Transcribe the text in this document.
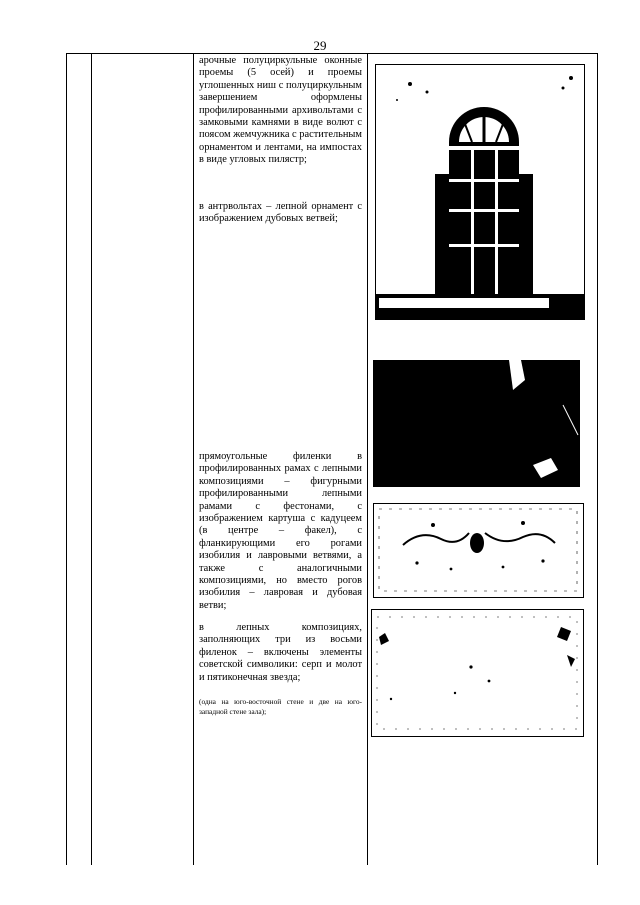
29
арочные полуциркульные оконные проемы (5 осей) и проемы углошенных ниш с полуциркульным завершением оформлены профилированными архивольтами с замковыми камнями в виде волют с поясом жемчужника с растительным орнаментом и лентами, на импостах в виде угловых пилястр;
в антрвольтах – лепной орнамент с изображением дубовых ветвей;
прямоугольные филенки в профилированных рамах с лепными композициями – фигурными профилированными лепными рамами с фестонами, с изображением картуша с кадуцеем (в центре – факел), с фланкирующими его рогами изобилия и лавровыми ветвями, а также с аналогичными композициями, но вместо рогов изобилия – лавровая и дубовая ветви;
в лепных композициях, заполняющих три из восьми филенок – включены элементы советской символики: серп и молот и пятиконечная звезда;
(одна на юго-восточной стене и две на юго-западной стене зала);
